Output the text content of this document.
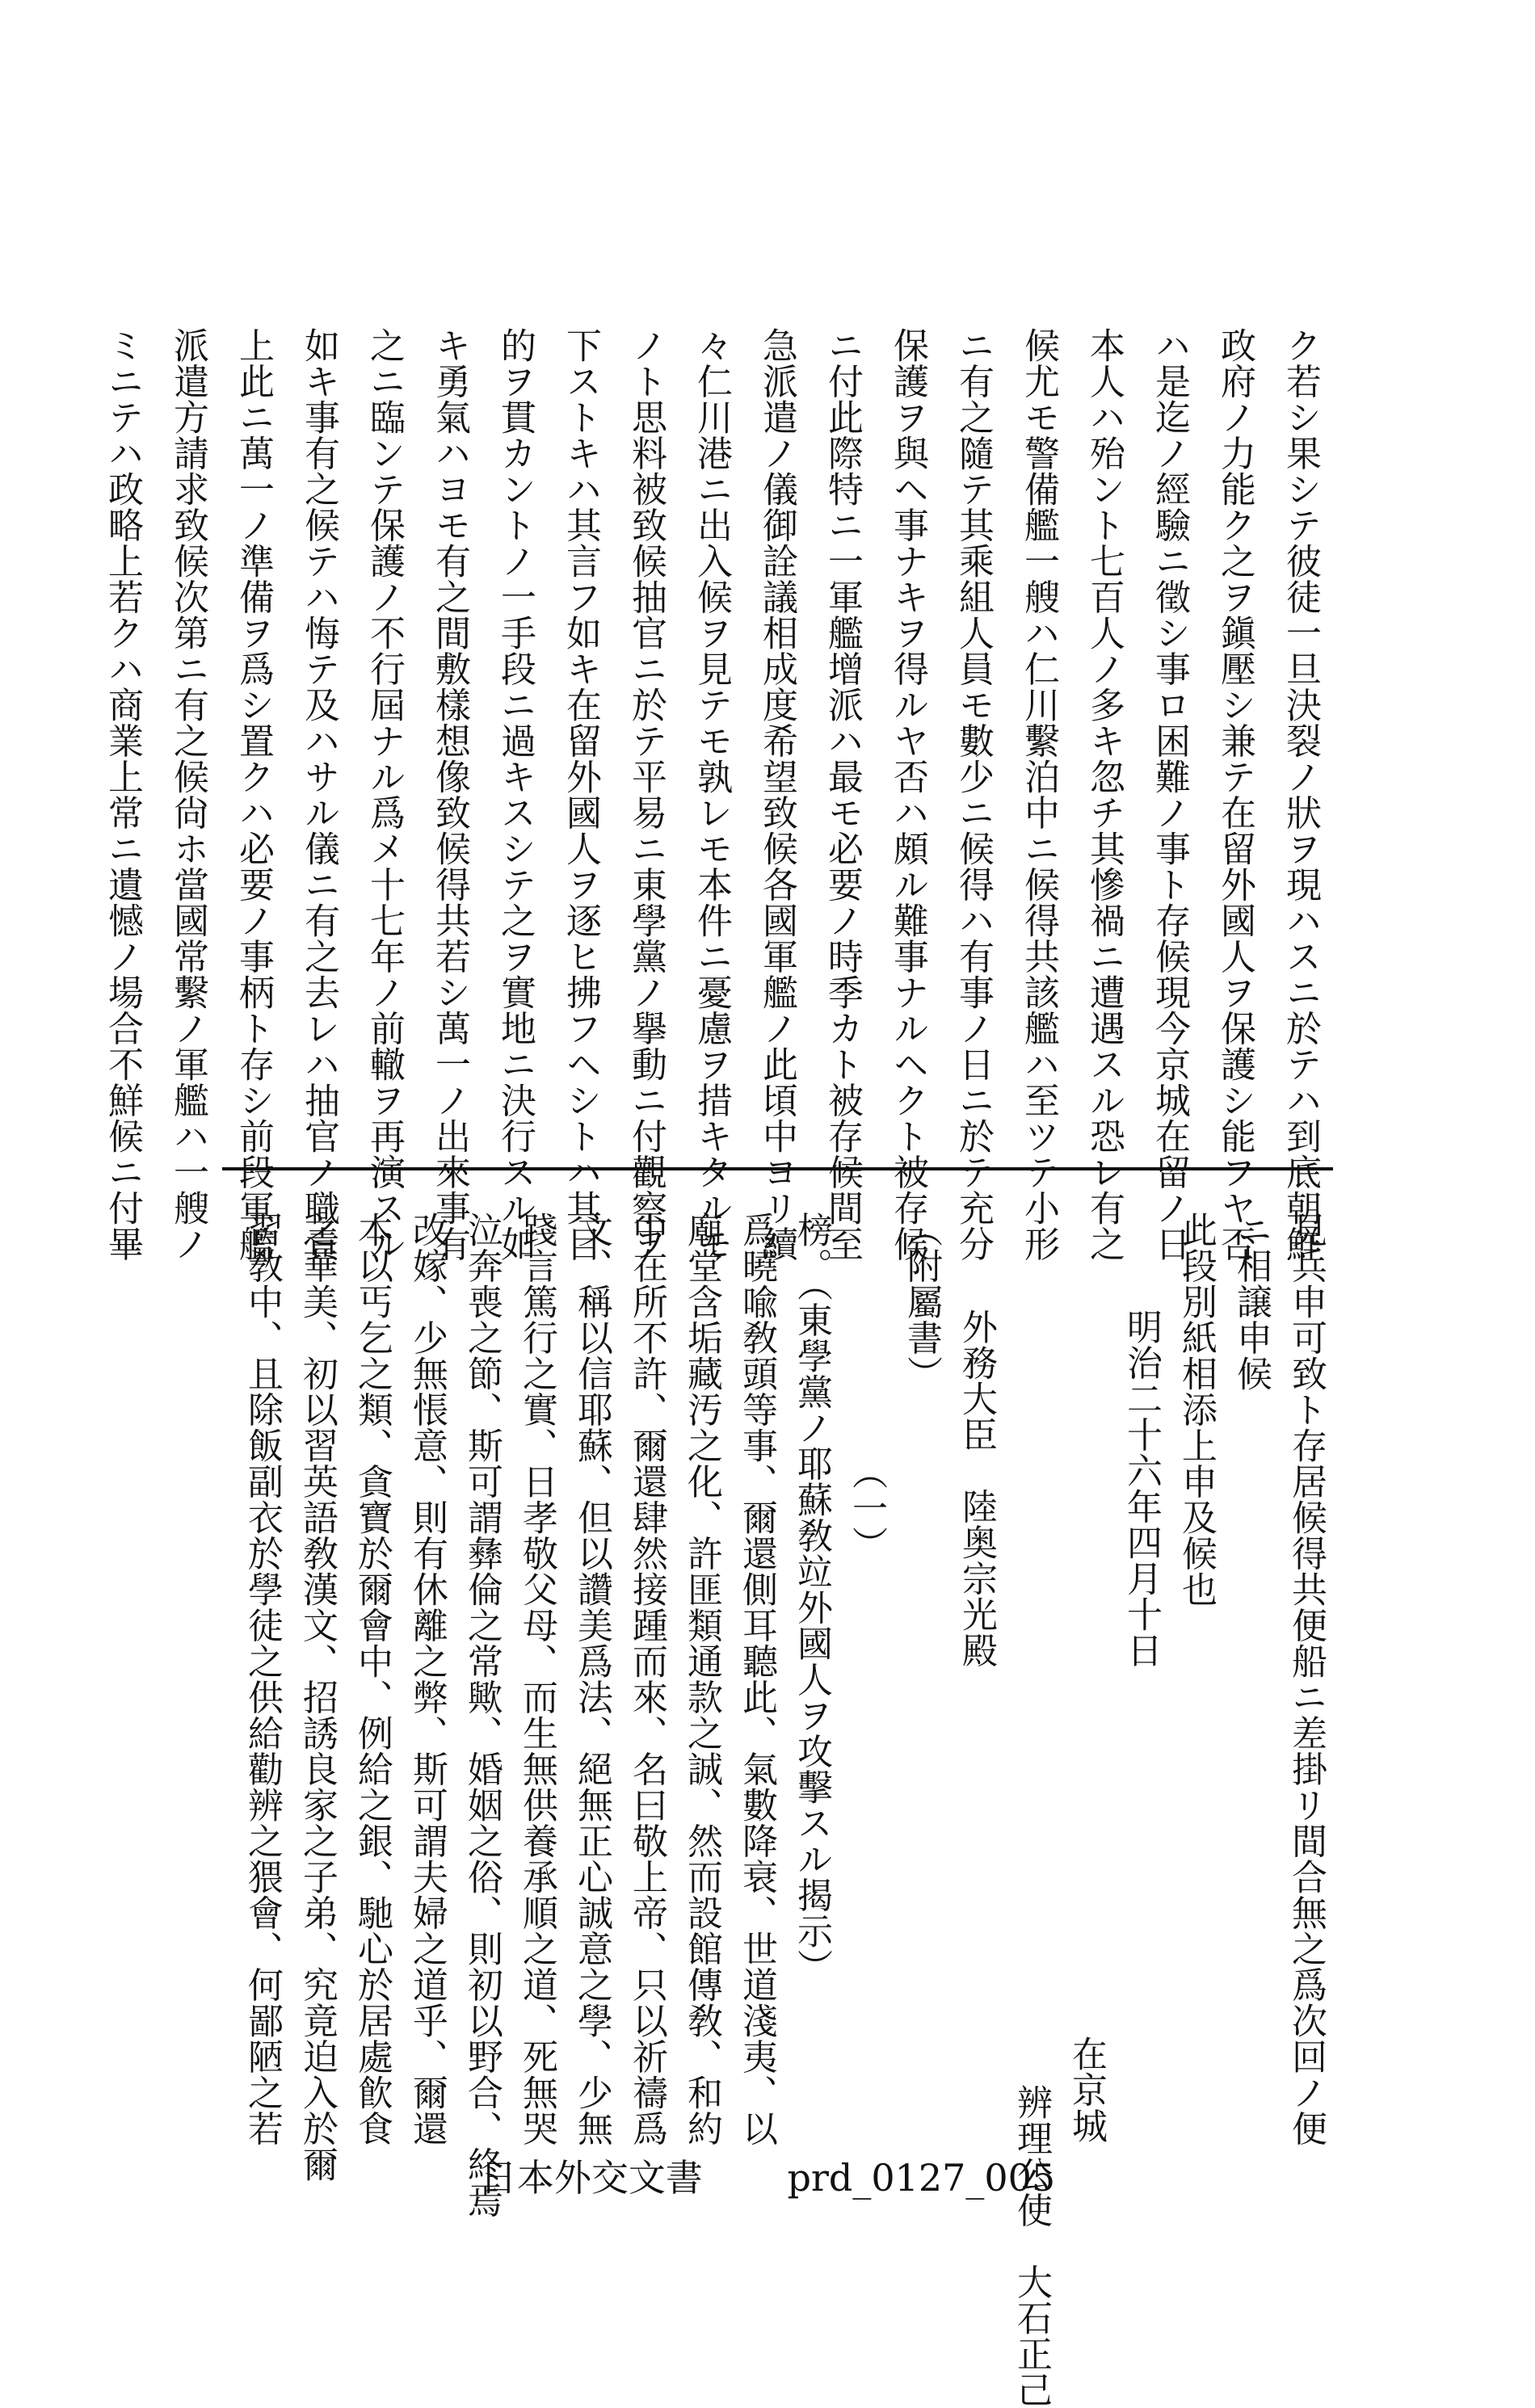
ク若シ果シテ彼徒一旦決裂ノ狀ヲ現ハスニ於テハ到底朝鮮
政府ノ力能ク之ヲ鎭壓シ兼テ在留外國人ヲ保護シ能フヤ否
ハ是迄ノ經驗ニ徵シ事ロ困難ノ事ト存候現今京城在留ノ日
本人ハ殆ント七百人ノ多キ忽チ其慘禍ニ遭遇スル恐レ有之
候尤モ警備艦一艘ハ仁川繫泊中ニ候得共該艦ハ至ツテ小形
ニ有之隨テ其乘組人員モ數少ニ候得ハ有事ノ日ニ於テ充分
保護ヲ與ヘ事ナキヲ得ルヤ否ハ頗ル難事ナルヘクト被存候
ニ付此際特ニ一軍艦增派ハ最モ必要ノ時季カト被存候間至
急派遣ノ儀御詮議相成度希望致候各國軍艦ノ此頃中ヨリ續
々仁川港ニ出入候ヲ見テモ孰レモ本件ニ憂慮ヲ措キタルモ
ノト思料被致候抽官ニ於テ平易ニ東學黨ノ擧動ニ付觀察ヲ
下ストキハ其言フ如キ在留外國人ヲ逐ヒ拂フヘシトハ其目
的ヲ貫カントノ一手段ニ過キスシテ之ヲ實地ニ決行スル如
キ勇氣ハヨモ有之間敷樣想像致候得共若シ萬一ノ出來事有
之ニ臨ンテ保護ノ不行屆ナル爲メ十七年ノ前轍ヲ再演スル
如キ事有之候テハ悔テ及ハサル儀ニ有之去レハ抽官ノ職責
上此ニ萬一ノ準備ヲ爲シ置クハ必要ノ事柄ト存シ前段軍艦
派遣方請求致候次第ニ有之候尙ホ當國常繫ノ軍艦ハ一艘ノ
ミニテハ政略上若クハ商業上常ニ遺憾ノ場合不鮮候ニ付畢
見兵申可致ト存居候得共便船ニ差掛リ間合無之爲次回ノ便
ニ相譲申候
此段別紙相添上申及候也
明治二十六年四月十日
在京城
辨理公使　大石正己
外務大臣　陸奥宗光殿
（附屬書）
（一）
榜。（東學黨ノ耶蘇敎竝外國人ヲ攻擊スル揭示）
爲曉喩敎頭等事、爾還側耳聽此、氣數降衰、世道淺夷、以
廟堂含垢藏汚之化、許匪類通款之誠、然而設館傳敎、和約
中在所不許、爾還肆然接踵而來、名曰敬上帝、只以祈禱爲
文、稱以信耶蘇、但以讚美爲法、絕無正心誠意之學、少無
踐言篤行之實、日孝敬父母、而生無供養承順之道、死無哭
泣奔喪之節、斯可謂彝倫之常歟、婚姻之俗、則初以野合、終焉
改嫁、少無悵意、則有休離之弊、斯可謂夫婦之道乎、爾還
本以丐乞之類、貪寶於爾會中、例給之銀、馳心於居處飮食
之華美、初以習英語敎漢文、招誘良家之子弟、究竟迫入於爾
習敎中、且除飯副衣於學徒之供給勸辨之猥會、何鄙陋之若
日本外交文書 prd_0127_005
